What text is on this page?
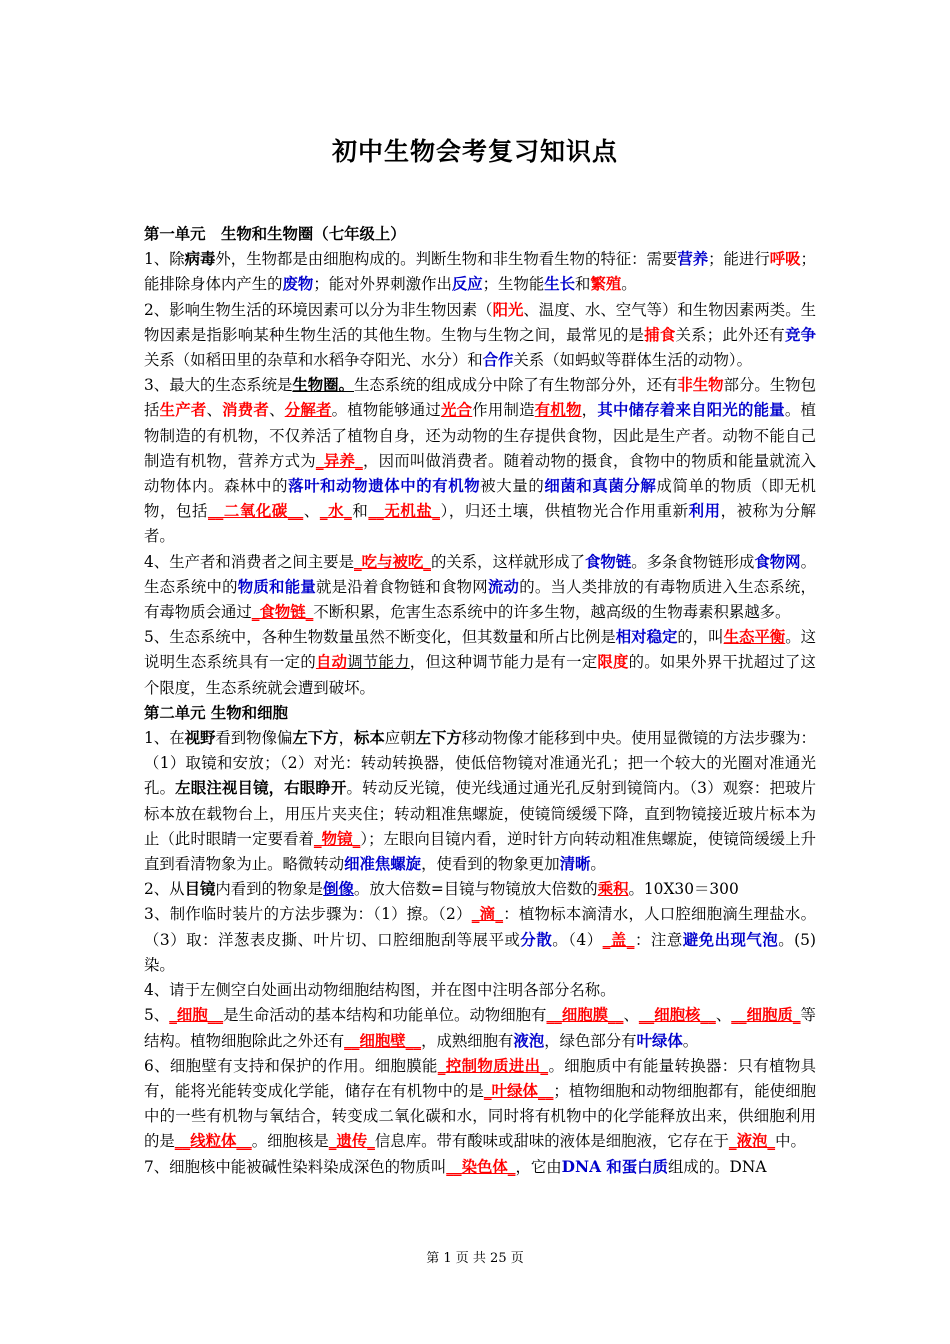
初中生物会考复习知识点

第一单元　生物和生物圈（七年级上）

1、除病毒外，生物都是由细胞构成的。判断生物和非生物看生物的特征：需要营养；能进行呼吸；能排除身体内产生的废物；能对外界刺激作出反应；生物能生长和繁殖。

2、影响生物生活的环境因素可以分为非生物因素（阳光、温度、水、空气等）和生物因素两类。生物因素是指影响某种生物生活的其他生物。生物与生物之间，最常见的是捕食关系；此外还有竞争关系（如稻田里的杂草和水稻争夺阳光、水分）和合作关系（如蚂蚁等群体生活的动物）。

3、最大的生态系统是生物圈。生态系统的组成成分中除了有生物部分外，还有非生物部分。生物包括生产者、消费者、分解者。植物能够通过光合作用制造有机物，其中储存着来自阳光的能量。植物制造的有机物，不仅养活了植物自身，还为动物的生存提供食物，因此是生产者。动物不能自己制造有机物，营养方式为_异养_，因而叫做消费者。随着动物的摄食，食物中的物质和能量就流入动物体内。森林中的落叶和动物遗体中的有机物被大量的细菌和真菌分解成简单的物质（即无机物，包括__二氧化碳__、_水_和__无机盐_），归还土壤，供植物光合作用重新利用，被称为分解者。

4、生产者和消费者之间主要是_吃与被吃_的关系，这样就形成了食物链。多条食物链形成食物网。生态系统中的物质和能量就是沿着食物链和食物网流动的。当人类排放的有毒物质进入生态系统，有毒物质会通过_食物链_不断积累，危害生态系统中的许多生物，越高级的生物毒素积累越多。

5、生态系统中，各种生物数量虽然不断变化，但其数量和所占比例是相对稳定的，叫生态平衡。这说明生态系统具有一定的自动调节能力，但这种调节能力是有一定限度的。如果外界干扰超过了这个限度，生态系统就会遭到破坏。

第二单元 生物和细胞

1、在视野看到物像偏左下方，标本应朝左下方移动物像才能移到中央。使用显微镜的方法步骤为：（1）取镜和安放；（2）对光：转动转换器，使低倍物镜对准通光孔；把一个较大的光圈对准通光孔。左眼注视目镜，右眼睁开。转动反光镜，使光线通过通光孔反射到镜筒内。（3）观察：把玻片标本放在载物台上，用压片夹夹住；转动粗准焦螺旋，使镜筒缓缓下降，直到物镜接近玻片标本为止（此时眼睛一定要看着_物镜_）；左眼向目镜内看，逆时针方向转动粗准焦螺旋，使镜筒缓缓上升直到看清物象为止。略微转动细准焦螺旋，使看到的物象更加清晰。

2、从目镜内看到的物象是倒像。放大倍数=目镜与物镜放大倍数的乘积。10X30＝300

3、制作临时装片的方法步骤为：（1）擦。（2）_滴_：植物标本滴清水，人口腔细胞滴生理盐水。（3）取：洋葱表皮撕、叶片切、口腔细胞刮等展平或分散。（4）_盖_：注意避免出现气泡。(5)染。

4、请于左侧空白处画出动物细胞结构图，并在图中注明各部分名称。

5、_细胞__是生命活动的基本结构和功能单位。动物细胞有__细胞膜__、__细胞核__、__细胞质_等结构。植物细胞除此之外还有__细胞壁__，成熟细胞有液泡，绿色部分有叶绿体。

6、细胞壁有支持和保护的作用。细胞膜能_控制物质进出_。细胞质中有能量转换器：只有植物具有，能将光能转变成化学能，储存在有机物中的是_叶绿体__；植物细胞和动物细胞都有，能使细胞中的一些有机物与氧结合，转变成二氧化碳和水，同时将有机物中的化学能释放出来，供细胞利用的是__线粒体__。细胞核是_遗传_信息库。带有酸味或甜味的液体是细胞液，它存在于_液泡_中。

7、细胞核中能被碱性染料染成深色的物质叫__染色体_，它由DNA 和蛋白质组成的。DNA

第 1 页 共 25 页
